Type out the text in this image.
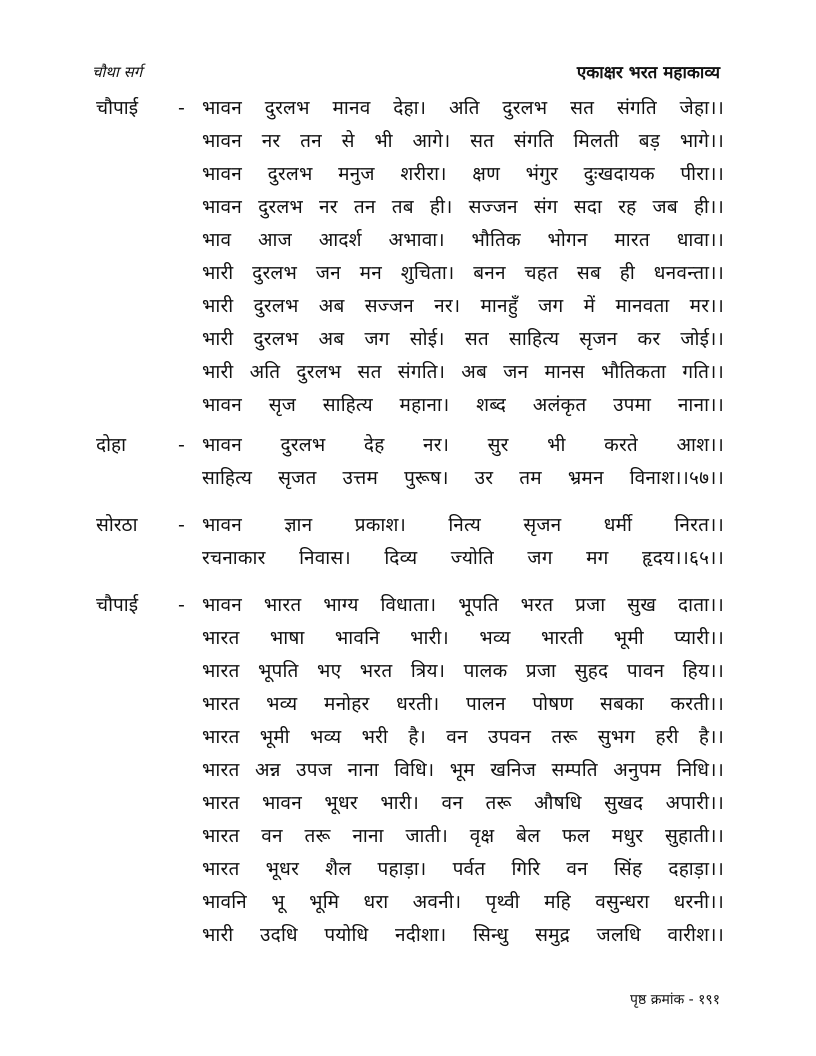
चौथा सर्ग	एकाक्षर भरत महाकाव्य
चौपाई - भावन दुरलभ मानव देहा। अति दुरलभ सत संगति जेहा।।
भावन नर तन से भी आगे। सत संगति मिलती बड़ भागे।।
भावन दुरलभ मनुज शरीरा। क्षण भंगुर दुःखदायक पीरा।।
भावन दुरलभ नर तन तब ही। सज्जन संग सदा रह जब ही।।
भाव आज आदर्श अभावा। भौतिक भोगन मारत धावा।।
भारी दुरलभ जन मन शुचिता। बनन चहत सब ही धनवन्ता।।
भारी दुरलभ अब सज्जन नर। मानहुँ जग में मानवता मर।।
भारी दुरलभ अब जग सोई। सत साहित्य सृजन कर जोई।।
भारी अति दुरलभ सत संगति। अब जन मानस भौतिकता गति।।
भावन सृज साहित्य महाना। शब्द अलंकृत उपमा नाना।।
दोहा	- भावन दुरलभ देह नर। सुर भी करते आश।।
साहित्य सृजत उत्तम पुरूष। उर तम भ्रमन विनाश।।५७।।
सोरठा - भावन ज्ञान प्रकाश। नित्य सृजन धर्मी निरत।।
रचनाकार निवास। दिव्य ज्योति जग मग हृदय।।६५।।
चौपाई - भावन भारत भाग्य विधाता। भूपति भरत प्रजा सुख दाता।।
भारत भाषा भावनि भारी। भव्य भारती भूमी प्यारी।।
भारत भूपति भए भरत त्रिय। पालक प्रजा सुहद पावन हिय।।
भारत भव्य मनोहर धरती। पालन पोषण सबका करती।।
भारत भूमी भव्य भरी है। वन उपवन तरू सुभग हरी है।।
भारत अन्न उपज नाना विधि। भूम खनिज सम्पति अनुपम निधि।।
भारत भावन भूधर भारी। वन तरू औषधि सुखद अपारी।।
भारत वन तरू नाना जाती। वृक्ष बेल फल मधुर सुहाती।।
भारत भूधर शैल पहाड़ा। पर्वत गिरि वन सिंह दहाड़ा।।
भावनि भू भूमि धरा अवनी। पृथ्वी महि वसुन्धरा धरनी।।
भारी उदधि पयोधि नदीशा। सिन्धु समुद्र जलधि वारीश।।
पृष्ठ क्रमांक - १९१
